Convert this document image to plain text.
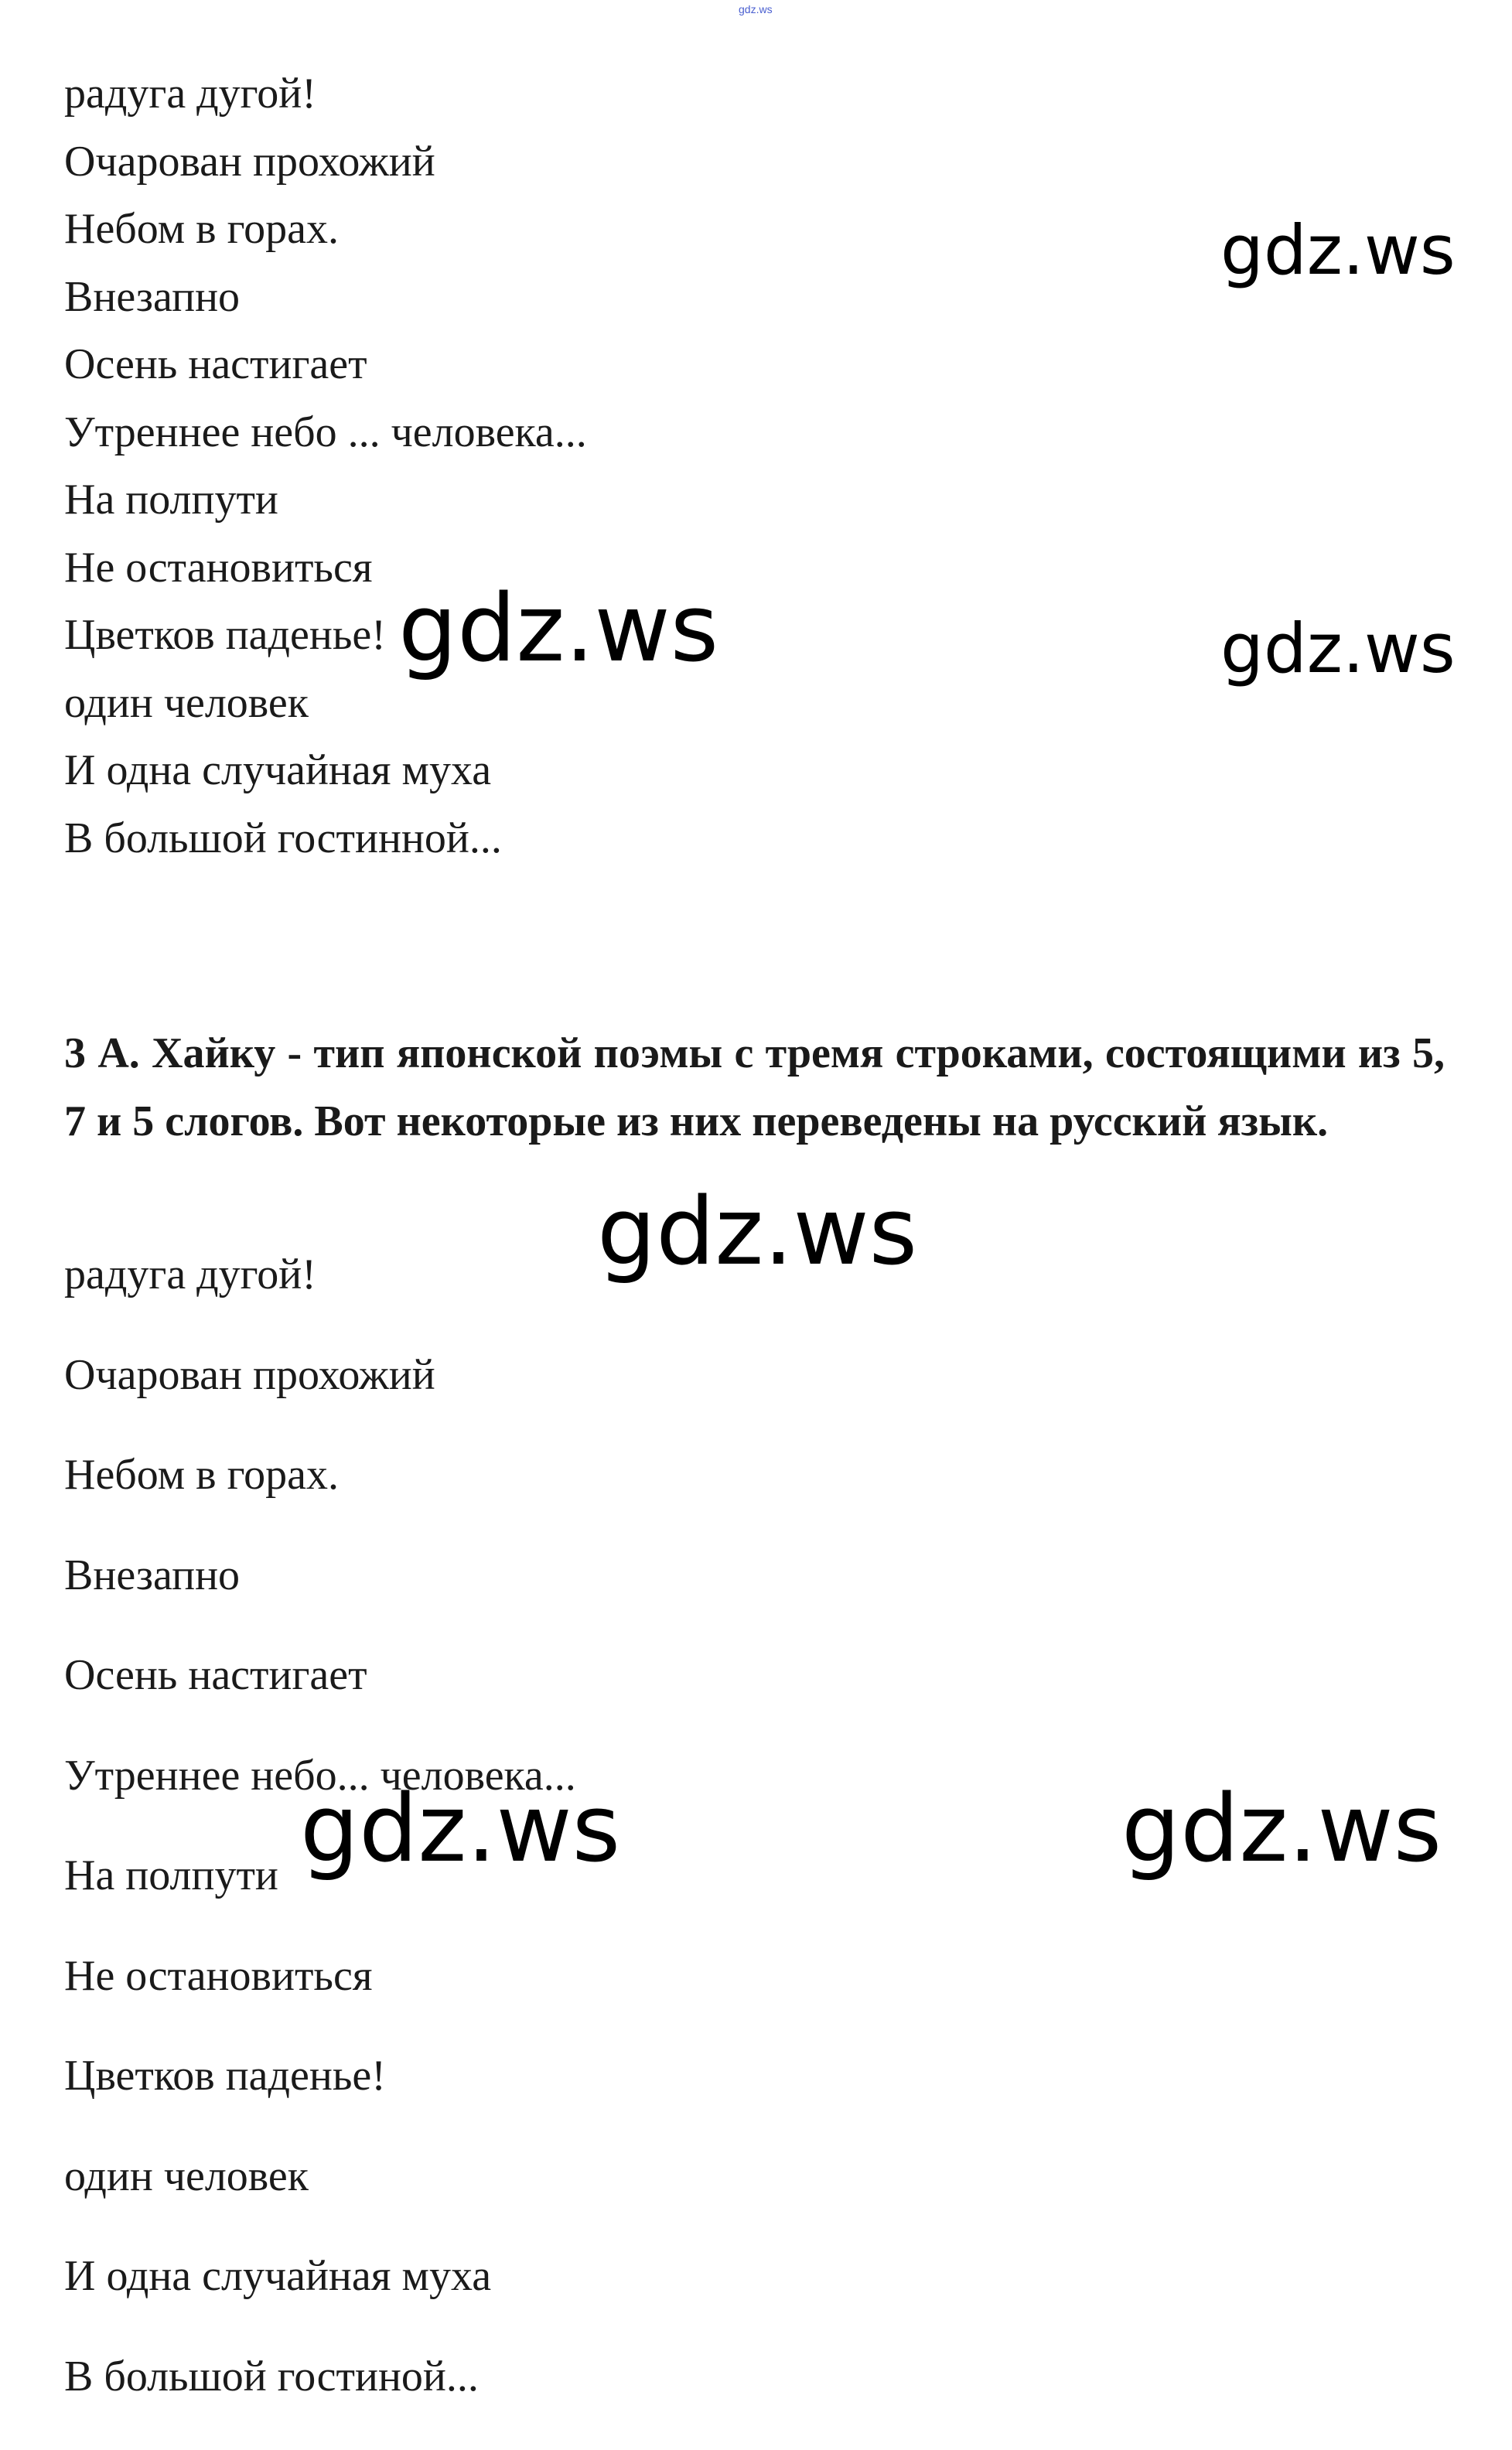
gdz.ws
радуга дугой!
Очарован прохожий
Небом в горах.
Внезапно
Осень настигает
Утреннее небо ... человека...
На полпути
Не остановиться
Цветков паденье!
один человек
И одна случайная муха
В большой гостинной...

3 А. Хайку - тип японской поэмы с тремя строками, состоящими из 5, 7 и 5 слогов. Вот некоторые из них переведены на русский язык.

радуга дугой!
Очарован прохожий
Небом в горах.
Внезапно
Осень настигает
Утреннее небо... человека...
На полпути
Не остановиться
Цветков паденье!
один человек
И одна случайная муха
В большой гостиной...
gdz.ws
gdz.ws	gdz.ws
gdz.ws
gdz.ws	gdz.ws
